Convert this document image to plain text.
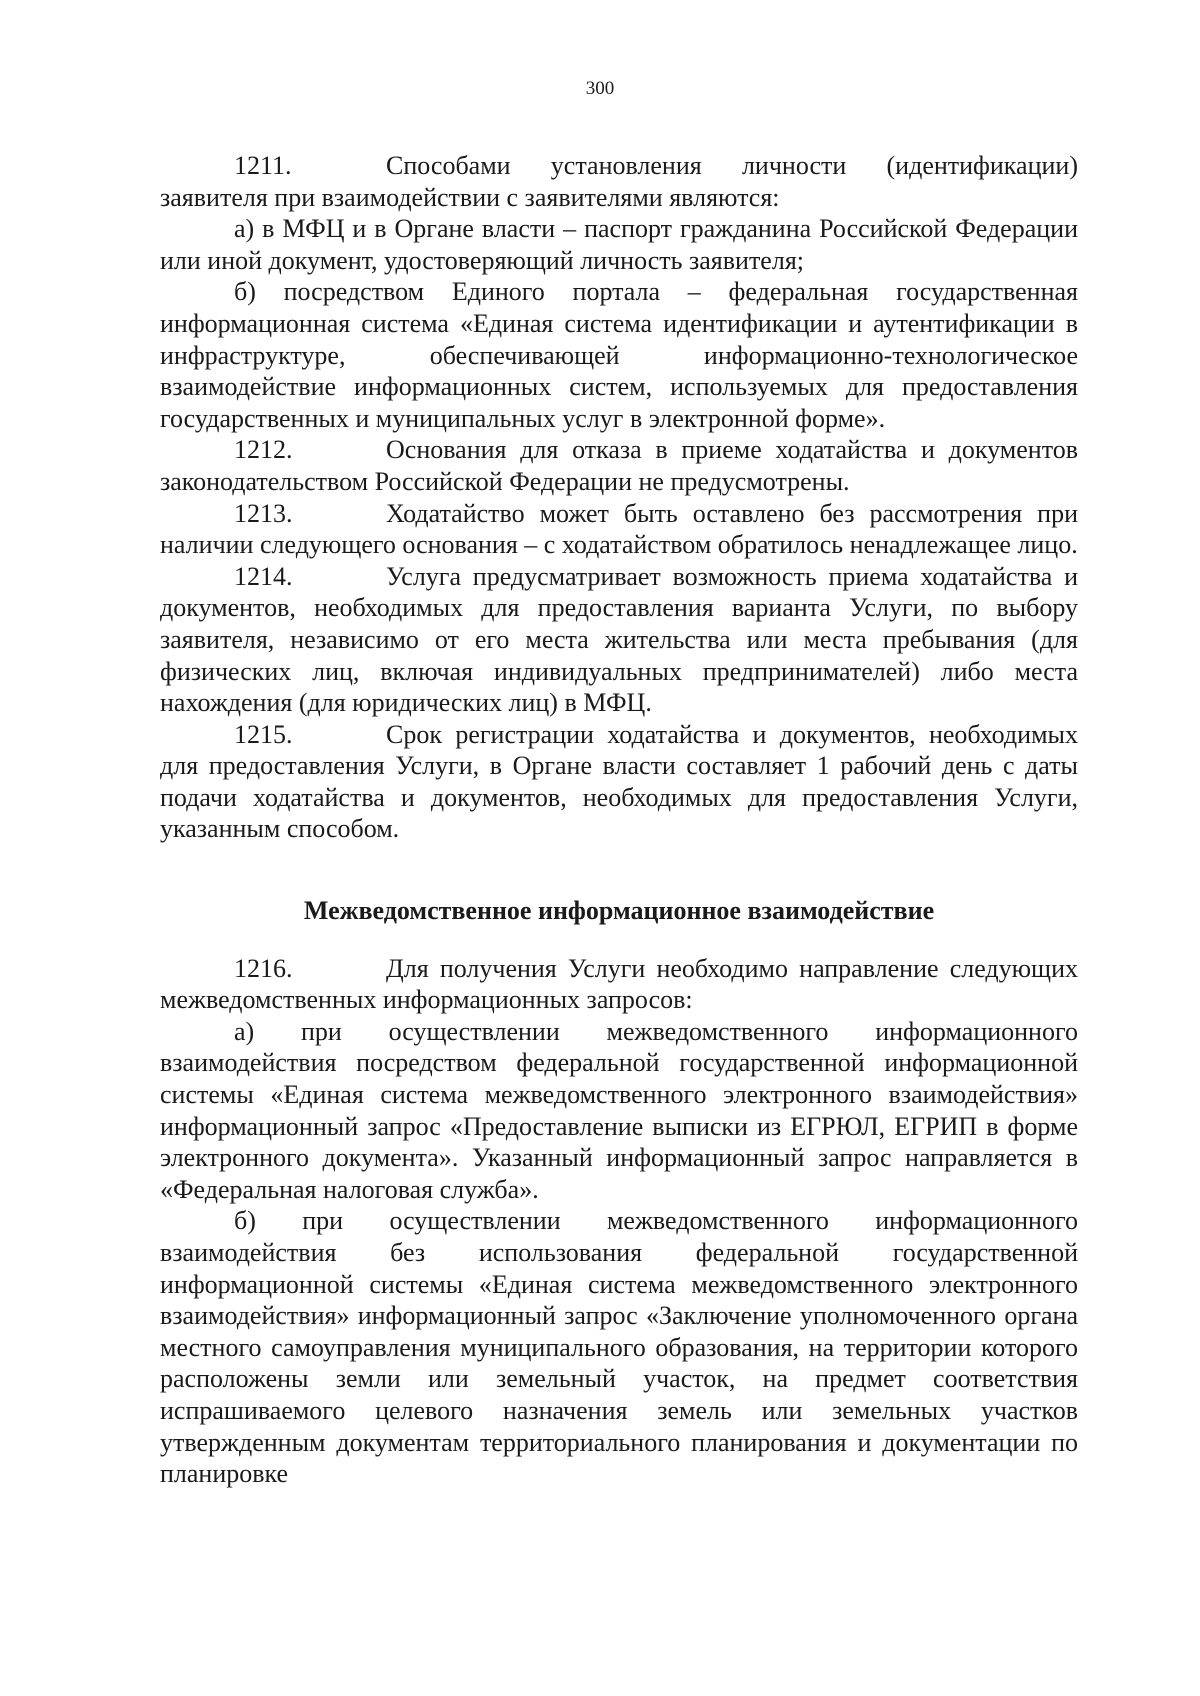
300

1211.	Способами установления личности (идентификации) заявителя при взаимодействии с заявителями являются:

а) в МФЦ и в Органе власти – паспорт гражданина Российской Федерации или иной документ, удостоверяющий личность заявителя;

б) посредством Единого портала – федеральная государственная информационная система «Единая система идентификации и аутентификации в инфраструктуре, обеспечивающей информационно-технологическое взаимодействие информационных систем, используемых для предоставления государственных и муниципальных услуг в электронной форме».

1212.	Основания для отказа в приеме ходатайства и документов законодательством Российской Федерации не предусмотрены.

1213.	Ходатайство может быть оставлено без рассмотрения при наличии следующего основания – с ходатайством обратилось ненадлежащее лицо.

1214.	Услуга предусматривает возможность приема ходатайства и документов, необходимых для предоставления варианта Услуги, по выбору заявителя, независимо от его места жительства или места пребывания (для физических лиц, включая индивидуальных предпринимателей) либо места нахождения (для юридических лиц) в МФЦ.

1215.	Срок регистрации ходатайства и документов, необходимых для предоставления Услуги, в Органе власти составляет 1 рабочий день с даты подачи ходатайства и документов, необходимых для предоставления Услуги, указанным способом.

Межведомственное информационное взаимодействие

1216.	Для получения Услуги необходимо направление следующих межведомственных информационных запросов:

а) при осуществлении межведомственного информационного взаимодействия посредством федеральной государственной информационной системы «Единая система межведомственного электронного взаимодействия» информационный запрос «Предоставление выписки из ЕГРЮЛ, ЕГРИП в форме электронного документа». Указанный информационный запрос направляется в «Федеральная налоговая служба».

б) при осуществлении межведомственного информационного взаимодействия без использования федеральной государственной информационной системы «Единая система межведомственного электронного взаимодействия» информационный запрос «Заключение уполномоченного органа местного самоуправления муниципального образования, на территории которого расположены земли или земельный участок, на предмет соответствия испрашиваемого целевого назначения земель или земельных участков утвержденным документам территориального планирования и документации по планировке
